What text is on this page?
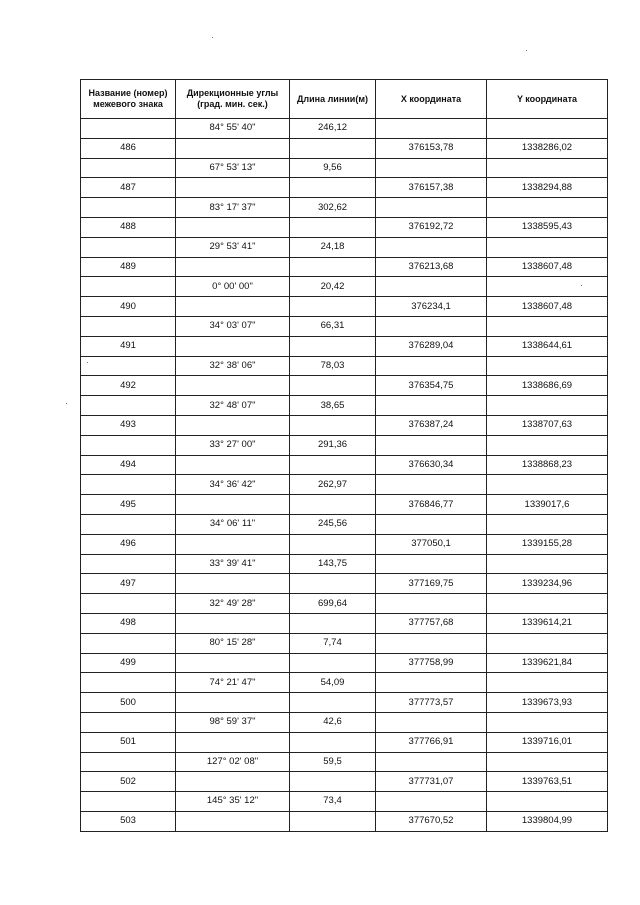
Название (номер) межевого знака	Дирекционные углы (град. мин. сек.)	Длина линии(м)	X координата	Y координата
	84° 55' 40"	246,12		
486			376153,78	1338286,02
	67° 53' 13"	9,56		
487			376157,38	1338294,88
	83° 17' 37"	302,62		
488			376192,72	1338595,43
	29° 53' 41"	24,18		
489			376213,68	1338607,48
	0° 00' 00"	20,42		
490			376234,1	1338607,48
	34° 03' 07"	66,31		
491			376289,04	1338644,61
	32° 38' 06"	78,03		
492			376354,75	1338686,69
	32° 48' 07"	38,65		
493			376387,24	1338707,63
	33° 27' 00"	291,36		
494			376630,34	1338868,23
	34° 36' 42"	262,97		
495			376846,77	1339017,6
	34° 06' 11"	245,56		
496			377050,1	1339155,28
	33° 39' 41"	143,75		
497			377169,75	1339234,96
	32° 49' 28"	699,64		
498			377757,68	1339614,21
	80° 15' 28"	7,74		
499			377758,99	1339621,84
	74° 21' 47"	54,09		
500			377773,57	1339673,93
	98° 59' 37"	42,6		
501			377766,91	1339716,01
	127° 02' 08"	59,5		
502			377731,07	1339763,51
	145° 35' 12"	73,4		
503			377670,52	1339804,99
